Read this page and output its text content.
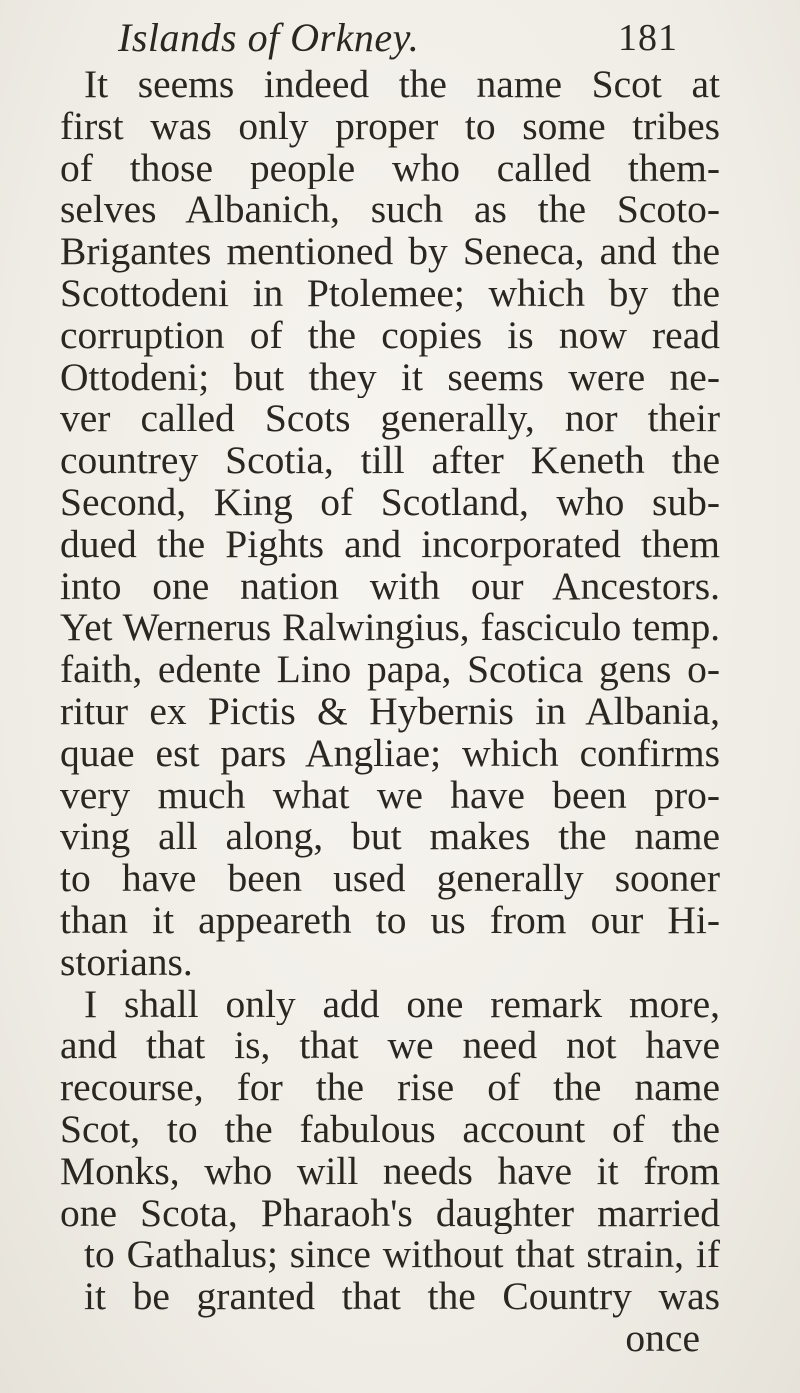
Islands of Orkney.	181
It seems indeed the name Scot at
first was only proper to some tribes
of those people who called them-
selves Albanich, such as the Scoto-
Brigantes mentioned by Seneca, and the
Scottodeni in Ptolemee; which by the
corruption of the copies is now read
Ottodeni; but they it seems were ne-
ver called Scots generally, nor their
countrey Scotia, till after Keneth the
Second, King of Scotland, who sub-
dued the Pights and incorporated them
into one nation with our Ancestors.
Yet Wernerus Ralwingius, fasciculo temp.
faith, edente Lino papa, Scotica gens o-
ritur ex Pictis & Hybernis in Albania,
quae est pars Angliae; which confirms
very much what we have been pro-
ving all along, but makes the name
to have been used generally sooner
than it appeareth to us from our Hi-
storians.
I shall only add one remark more,
and that is, that we need not have
recourse, for the rise of the name
Scot, to the fabulous account of the
Monks, who will needs have it from
one Scota, Pharaoh's daughter married
to Gathalus; since without that strain, if
it be granted that the Country was
once
